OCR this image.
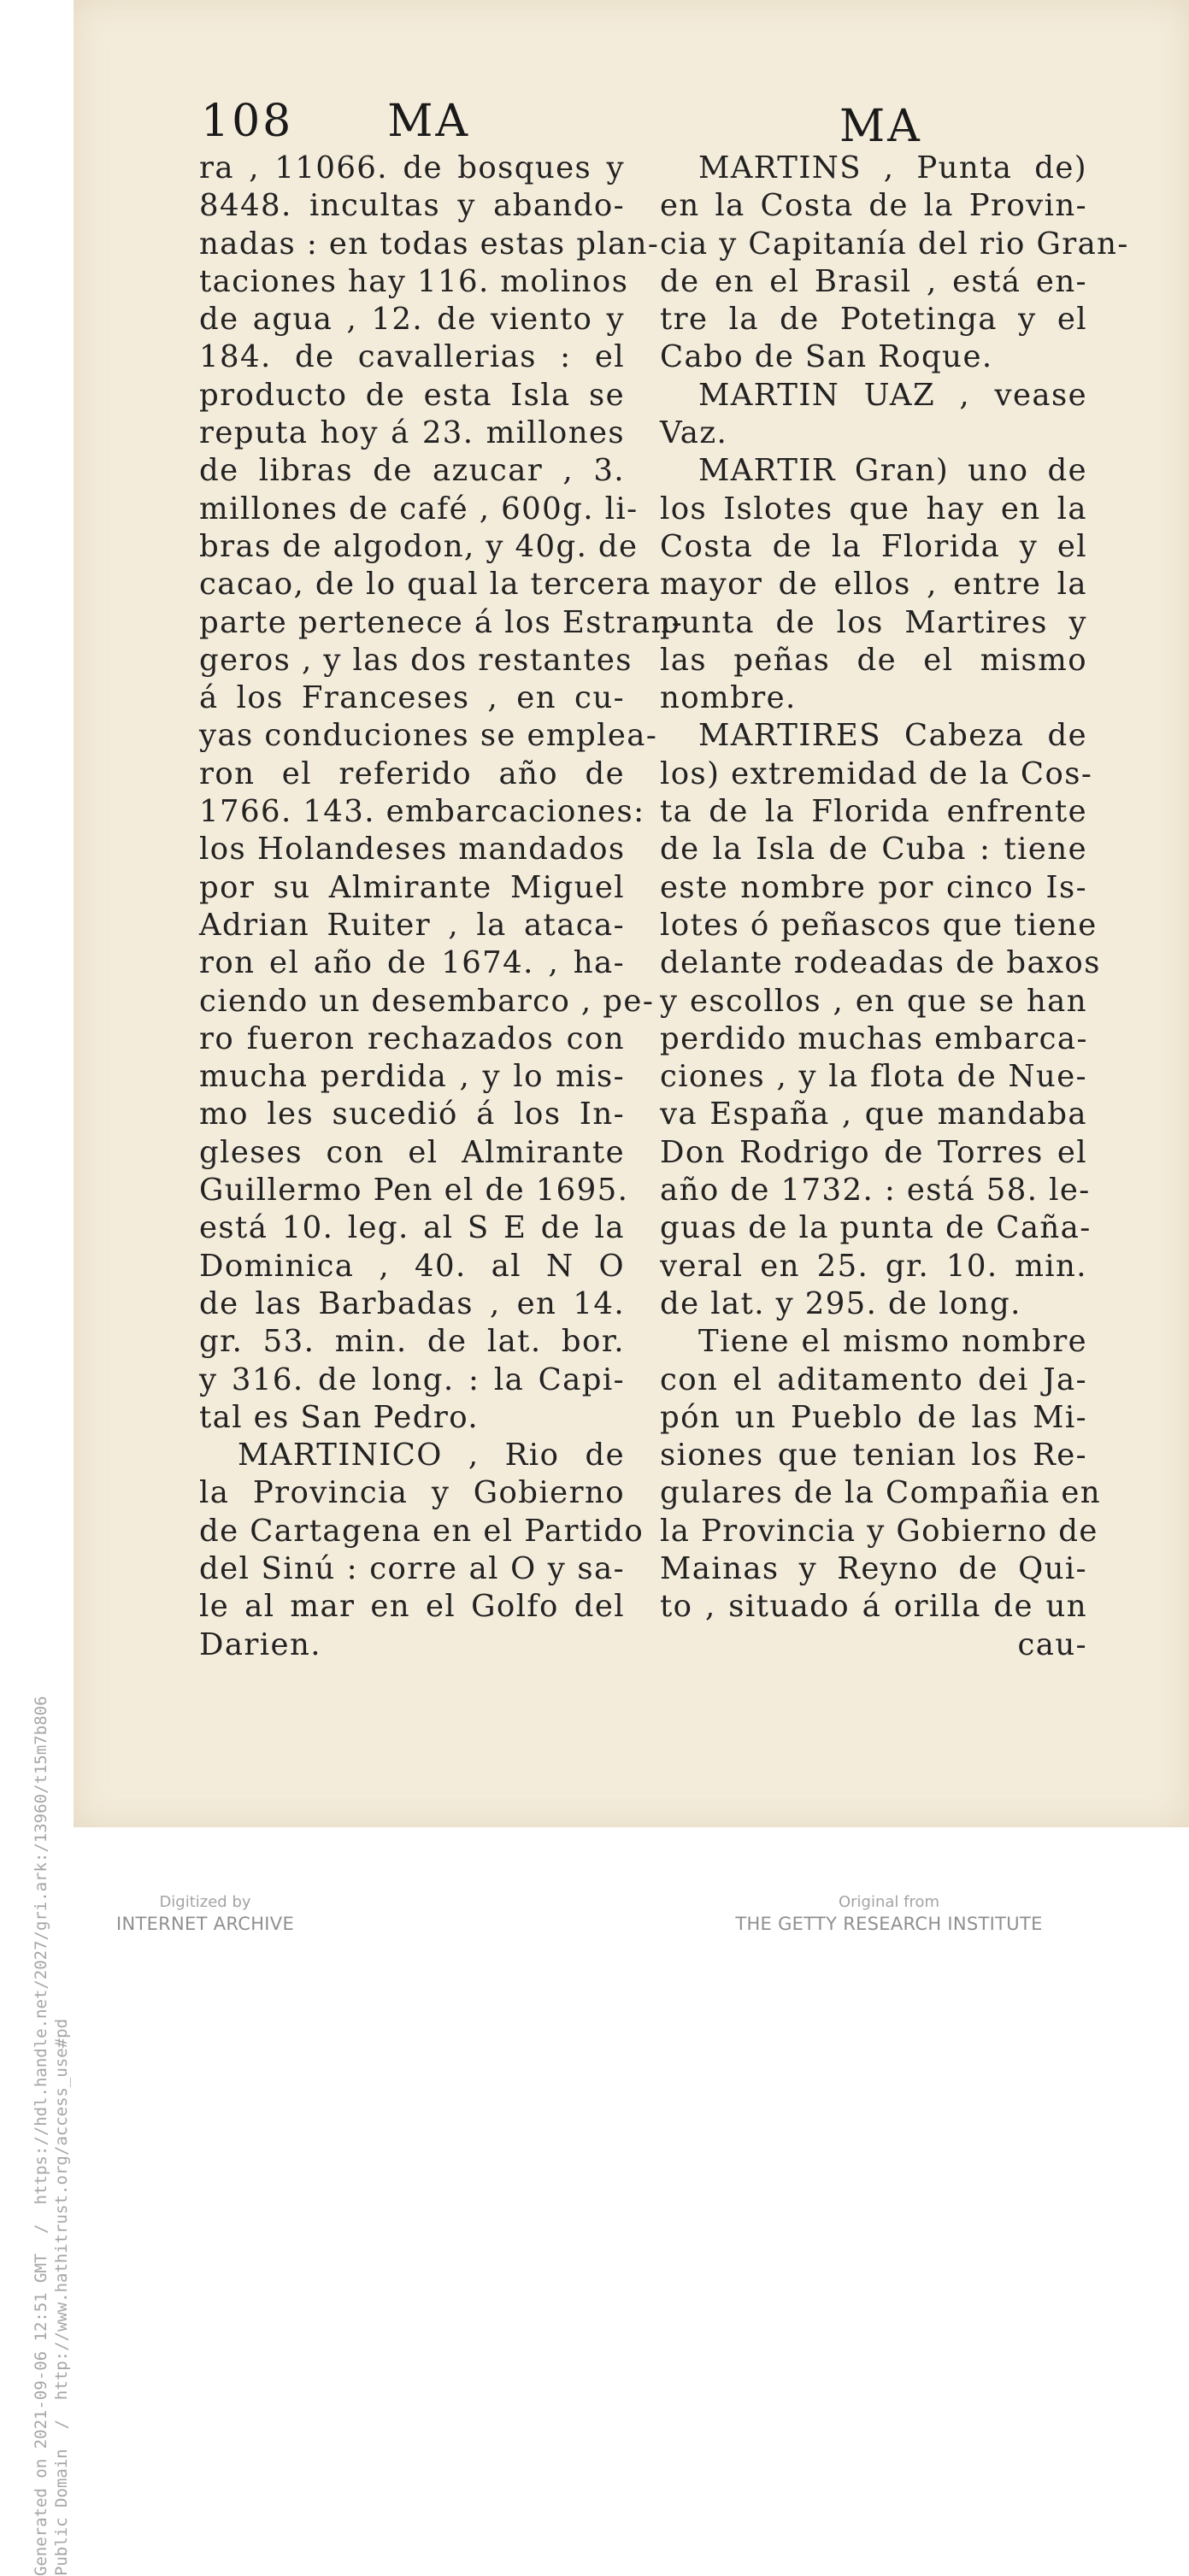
Generated on 2021-09-06 12:51 GMT  /  https://hdl.handle.net/2027/gri.ark:/13960/t15m7b806 Public Domain  /  http://www.hathitrust.org/access_use#pd
108 MA	MA
ra , 11066. de bosques y
8448. incultas y abando-
nadas : en todas estas plan-
taciones hay 116. molinos
de agua , 12. de viento y
184. de cavallerias : el
producto de esta Isla se
reputa hoy á 23. millones
de libras de azucar , 3.
millones de café , 600g. li-
bras de algodon, y 40g. de
cacao, de lo qual la tercera
parte pertenece á los Estran-
geros , y las dos restantes
á los Franceses , en cu-
yas conduciones se emplea-
ron el referido año de
1766. 143. embarcaciones:
los Holandeses mandados
por su Almirante Miguel
Adrian Ruiter , la ataca-
ron el año de 1674. , ha-
ciendo un desembarco , pe-
ro fueron rechazados con
mucha perdida , y lo mis-
mo les sucedió á los In-
gleses con el Almirante
Guillermo Pen el de 1695.
está 10. leg. al S E de la
Dominica , 40. al N O
de las Barbadas , en 14.
gr. 53. min. de lat. bor.
y 316. de long. : la Capi-
tal es San Pedro.
MARTINICO , Rio de
la Provincia y Gobierno
de Cartagena en el Partido
del Sinú : corre al O y sa-
le al mar en el Golfo del
Darien.
MARTINS , Punta de)
en la Costa de la Provin-
cia y Capitanía del rio Gran-
de en el Brasil , está en-
tre la de Potetinga y el
Cabo de San Roque.
MARTIN UAZ , vease
Vaz.
MARTIR Gran) uno de
los Islotes que hay en la
Costa de la Florida y el
mayor de ellos , entre la
punta de los Martires y
las peñas de el mismo
nombre.
MARTIRES Cabeza de
los) extremidad de la Cos-
ta de la Florida enfrente
de la Isla de Cuba : tiene
este nombre por cinco Is-
lotes ó peñascos que tiene
delante rodeadas de baxos
y escollos , en que se han
perdido muchas embarca-
ciones , y la flota de Nue-
va España , que mandaba
Don Rodrigo de Torres el
año de 1732. : está 58. le-
guas de la punta de Caña-
veral en 25. gr. 10. min.
de lat. y 295. de long.
Tiene el mismo nombre
con el aditamento dei Ja-
pón un Pueblo de las Mi-
siones que tenian los Re-
gulares de la Compañia en
la Provincia y Gobierno de
Mainas y Reyno de Qui-
to , situado á orilla de un
cau-
Digitized by
INTERNET ARCHIVE
Original from
THE GETTY RESEARCH INSTITUTE
